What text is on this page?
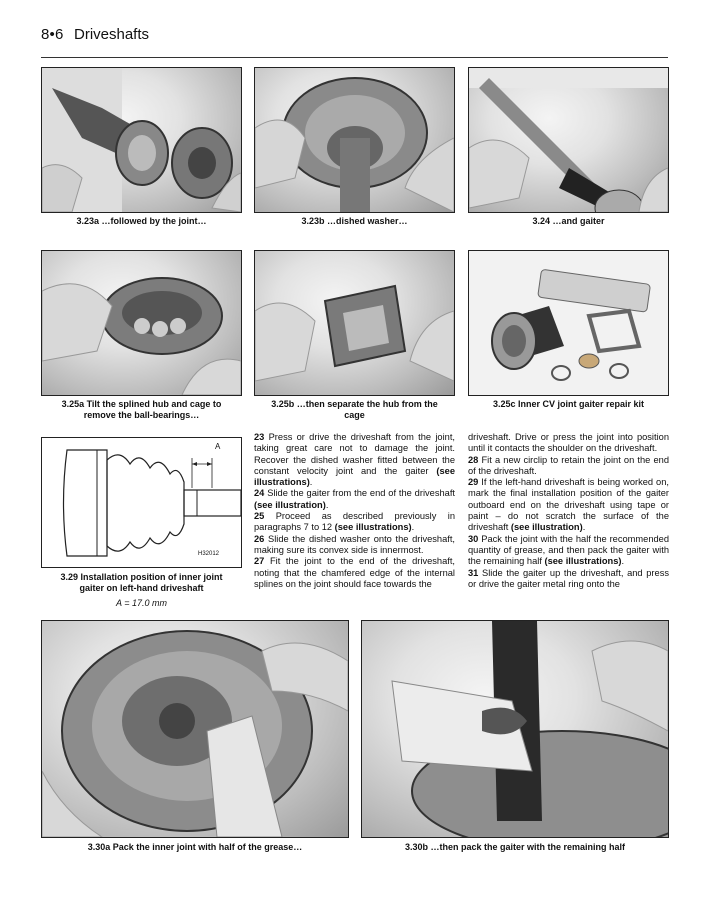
8•6 Driveshafts
3.23a …followed by the joint…	3.23b …dished washer…	3.24 …and gaiter
3.25a Tilt the splined hub and cage to
remove the ball-bearings…
3.25b …then separate the hub from the
cage
3.25c Inner CV joint gaiter repair kit
A
H32012
3.29 Installation position of inner joint
gaiter on left-hand driveshaft
A = 17.0 mm

23 Press or drive the driveshaft from the joint, taking great care not to damage the joint. Recover the dished washer fitted between the constant velocity joint and the gaiter (see illustrations).

24 Slide the gaiter from the end of the driveshaft (see illustration).

25 Proceed as described previously in paragraphs 7 to 12 (see illustrations).

26 Slide the dished washer onto the driveshaft, making sure its convex side is innermost.

27 Fit the joint to the end of the driveshaft, noting that the chamfered edge of the internal splines on the joint should face towards the

driveshaft. Drive or press the joint into position until it contacts the shoulder on the driveshaft.

28 Fit a new circlip to retain the joint on the end of the driveshaft.

29 If the left-hand driveshaft is being worked on, mark the final installation position of the gaiter outboard end on the driveshaft using tape or paint – do not scratch the surface of the driveshaft (see illustration).

30 Pack the joint with the half the recommended quantity of grease, and then pack the gaiter with the remaining half (see illustrations).

31 Slide the gaiter up the driveshaft, and press or drive the gaiter metal ring onto the

3.30a Pack the inner joint with half of the grease…	3.30b …then pack the gaiter with the remaining half
